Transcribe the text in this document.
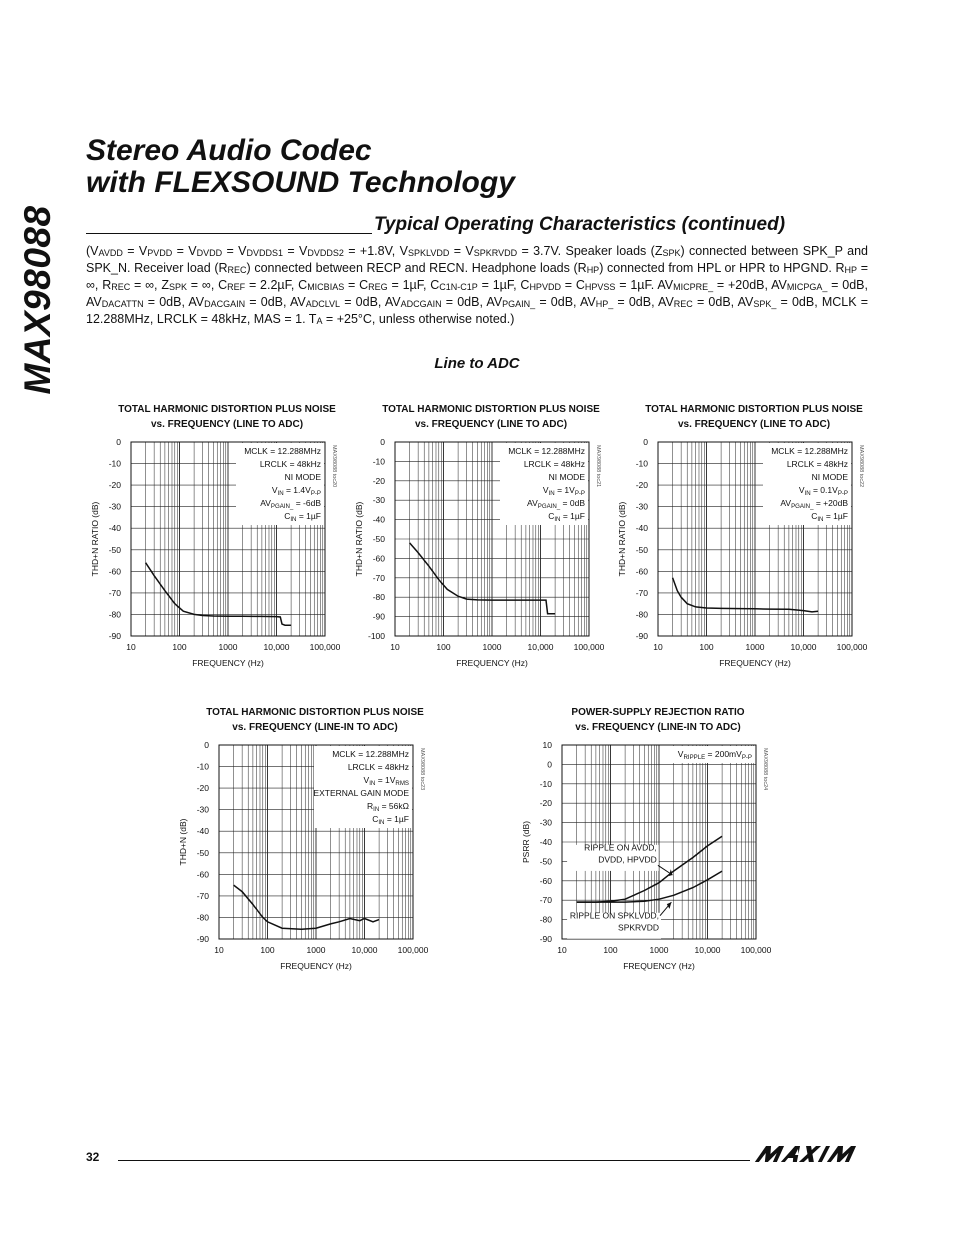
MAX98088
Stereo Audio Codec
with FLEXSOUND Technology
Typical Operating Characteristics (continued)
($V_{AVDD} = V_{PVDD} = V_{DVDD} = V_{DVDDS1} = V_{DVDDS2} = +1.8V$, $V_{SPKLVDD} = V_{SPKRVDD} = 3.7V$. Speaker loads $(Z_{SPK})$ connected between SPK_P and SPK_N. Receiver load $(R_{REC})$ connected between RECP and RECN. Headphone loads $(R_{HP})$ connected from HPL or HPR to HPGND. $R_{HP}$ = ∞, $R_{REC}$ = ∞, $Z_{SPK}$ = ∞, $C_{REF} = 2.2\mu F$, $C_{MICBIAS} = C_{REG} = 1\mu F$, $C_{C1N-C1P} = 1\mu F$, $C_{HPVDD} = C_{HPVSS} = 1\mu F$. $AV_{MICPRE\_} = +20dB$, $AV_{MICPGA\_} = 0dB$, $AV_{DACATTN} = 0dB$, $AV_{DACGAIN} = 0dB$, $AV_{ADCLVL} = 0dB$, $AV_{ADCGAIN} = 0dB$, $AV_{PGAIN\_} = 0dB$, $AV_{HP\_} = 0dB$, $AV_{REC} = 0dB$, $AV_{SPK\_} = 0dB$, MCLK = 12.288MHz, LRCLK = 48kHz, MAS = 1. $T_A = +25^\circ C$, unless otherwise noted.)
Line to ADC
TOTAL HARMONIC DISTORTION PLUS NOISE
vs. FREQUENCY (LINE TO ADC)
0
-10
-20
-30
-40
-50
-60
-70
-80
-90
10	100	1000	10,000 100,000
FREQUENCY (Hz)
THD+N RATIO (dB)
MAX98088 toc20
MCLK = 12.288MHz
LRCLK = 48kHz
NI MODE
$V_{IN} = 1.4V_{P-P}$
$AV_{PGAIN\_} = -6dB$
$C_{IN} = 1\mu F$
TOTAL HARMONIC DISTORTION PLUS NOISE
vs. FREQUENCY (LINE TO ADC)
0
-10
-20
-30
-40
-50
-60
-70
-80
-90
-100
10	100	1000	10,000 100,000
FREQUENCY (Hz)
THD+N RATIO (dB)
MAX98088 toc21
MCLK = 12.288MHz
LRCLK = 48kHz
NI MODE
$V_{IN} = 1V_{P-P}$
$AV_{PGAIN\_} = 0dB$
$C_{IN} = 1\mu F$
TOTAL HARMONIC DISTORTION PLUS NOISE
vs. FREQUENCY (LINE TO ADC)
0
-10
-20
-30
-40
-50
-60
-70
-80
-90
10	100	1000	10,000 100,000
FREQUENCY (Hz)
THD+N RATIO (dB)
MAX98088 toc22
MCLK = 12.288MHz
LRCLK = 48kHz
NI MODE
$V_{IN} = 0.1V_{P-P}$
$AV_{PGAIN\_} = +20dB$
$C_{IN} = 1\mu F$
TOTAL HARMONIC DISTORTION PLUS NOISE
vs. FREQUENCY (LINE-IN TO ADC)
0
-10
-20
-30
-40
-50
-60
-70
-80
-90
10	100	1000	10,000 100,000
FREQUENCY (Hz)
THD+N (dB)
MAX98088 toc23
MCLK = 12.288MHz
LRCLK = 48kHz
$V_{IN} = 1V_{RMS}$
EXTERNAL GAIN MODE
$R_{IN} = 56k\Omega$
$C_{IN} = 1\mu F$
POWER-SUPPLY REJECTION RATIO
vs. FREQUENCY (LINE-IN TO ADC)
10
0
-10
-20
-30
-40
-50
-60
-70
-80
-90
10	100	1000	10,000 100,000
FREQUENCY (Hz)
PSRR (dB)
MAX98088 toc24
$V_{RIPPLE} = 200mV_{P-P}$
RIPPLE ON AVDD,
DVDD, HPVDD
RIPPLE ON SPKLVDD,
SPKRVDD
32
